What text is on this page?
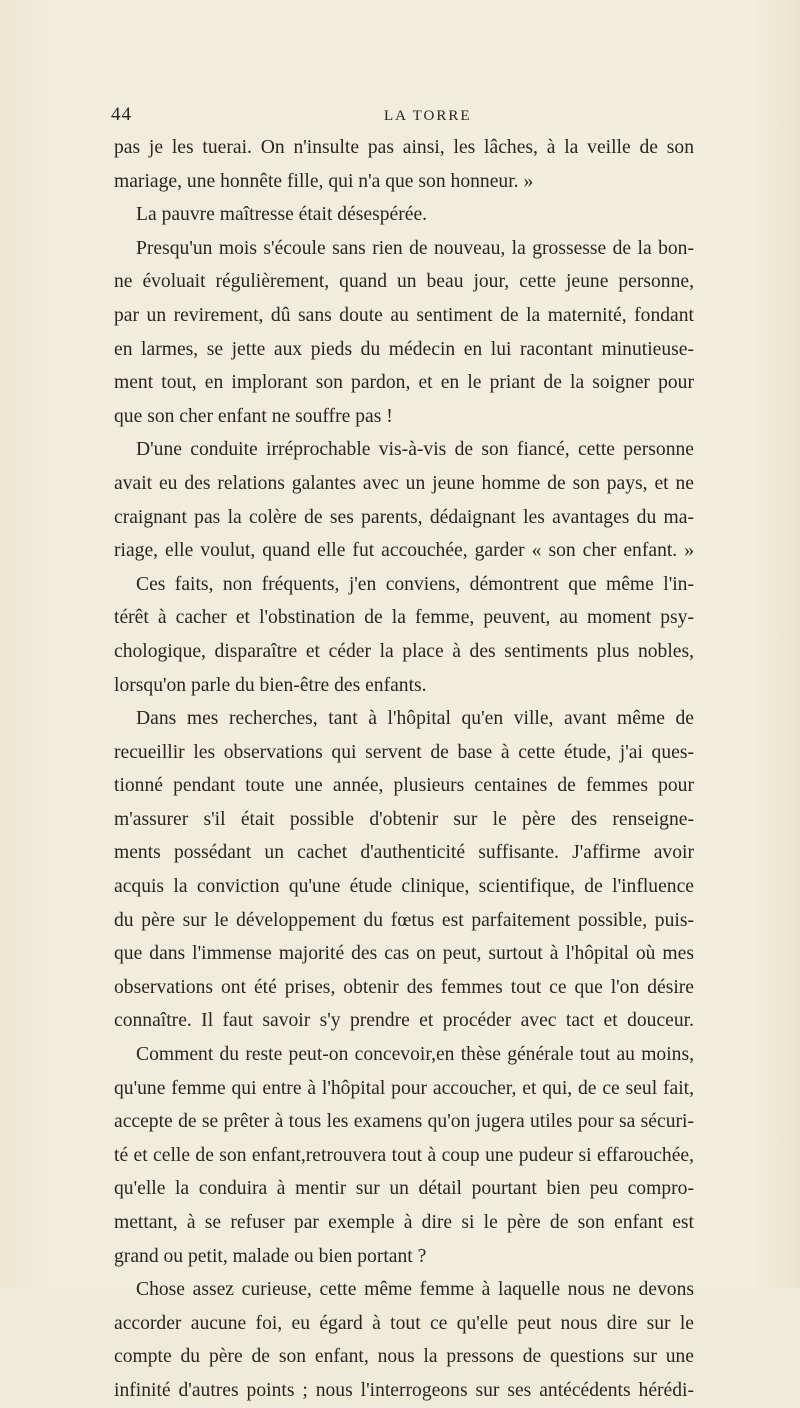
44	LA TORRE
pas je les tuerai. On n'insulte pas ainsi, les lâches, à la veille de son
mariage, une honnête fille, qui n'a que son honneur. »
La pauvre maîtresse était désespérée.
Presqu'un mois s'écoule sans rien de nouveau, la grossesse de la bon-
ne évoluait régulièrement, quand un beau jour, cette jeune personne,
par un revirement, dû sans doute au sentiment de la maternité, fondant
en larmes, se jette aux pieds du médecin en lui racontant minutieuse-
ment tout, en implorant son pardon, et en le priant de la soigner pour
que son cher enfant ne souffre pas !
D'une conduite irréprochable vis-à-vis de son fiancé, cette personne
avait eu des relations galantes avec un jeune homme de son pays, et ne
craignant pas la colère de ses parents, dédaignant les avantages du ma-
riage, elle voulut, quand elle fut accouchée, garder « son cher enfant. »
Ces faits, non fréquents, j'en conviens, démontrent que même l'in-
térêt à cacher et l'obstination de la femme, peuvent, au moment psy-
chologique, disparaître et céder la place à des sentiments plus nobles,
lorsqu'on parle du bien-être des enfants.
Dans mes recherches, tant à l'hôpital qu'en ville, avant même de
recueillir les observations qui servent de base à cette étude, j'ai ques-
tionné pendant toute une année, plusieurs centaines de femmes pour
m'assurer s'il était possible d'obtenir sur le père des renseigne-
ments possédant un cachet d'authenticité suffisante. J'affirme avoir
acquis la conviction qu'une étude clinique, scientifique, de l'influence
du père sur le développement du fœtus est parfaitement possible, puis-
que dans l'immense majorité des cas on peut, surtout à l'hôpital où mes
observations ont été prises, obtenir des femmes tout ce que l'on désire
connaître. Il faut savoir s'y prendre et procéder avec tact et douceur.
Comment du reste peut-on concevoir,en thèse générale tout au moins,
qu'une femme qui entre à l'hôpital pour accoucher, et qui, de ce seul fait,
accepte de se prêter à tous les examens qu'on jugera utiles pour sa sécuri-
té et celle de son enfant,retrouvera tout à coup une pudeur si effarouchée,
qu'elle la conduira à mentir sur un détail pourtant bien peu compro-
mettant, à se refuser par exemple à dire si le père de son enfant est
grand ou petit, malade ou bien portant ?
Chose assez curieuse, cette même femme à laquelle nous ne devons
accorder aucune foi, eu égard à tout ce qu'elle peut nous dire sur le
compte du père de son enfant, nous la pressons de questions sur une
infinité d'autres points ; nous l'interrogeons sur ses antécédents hérédi-
